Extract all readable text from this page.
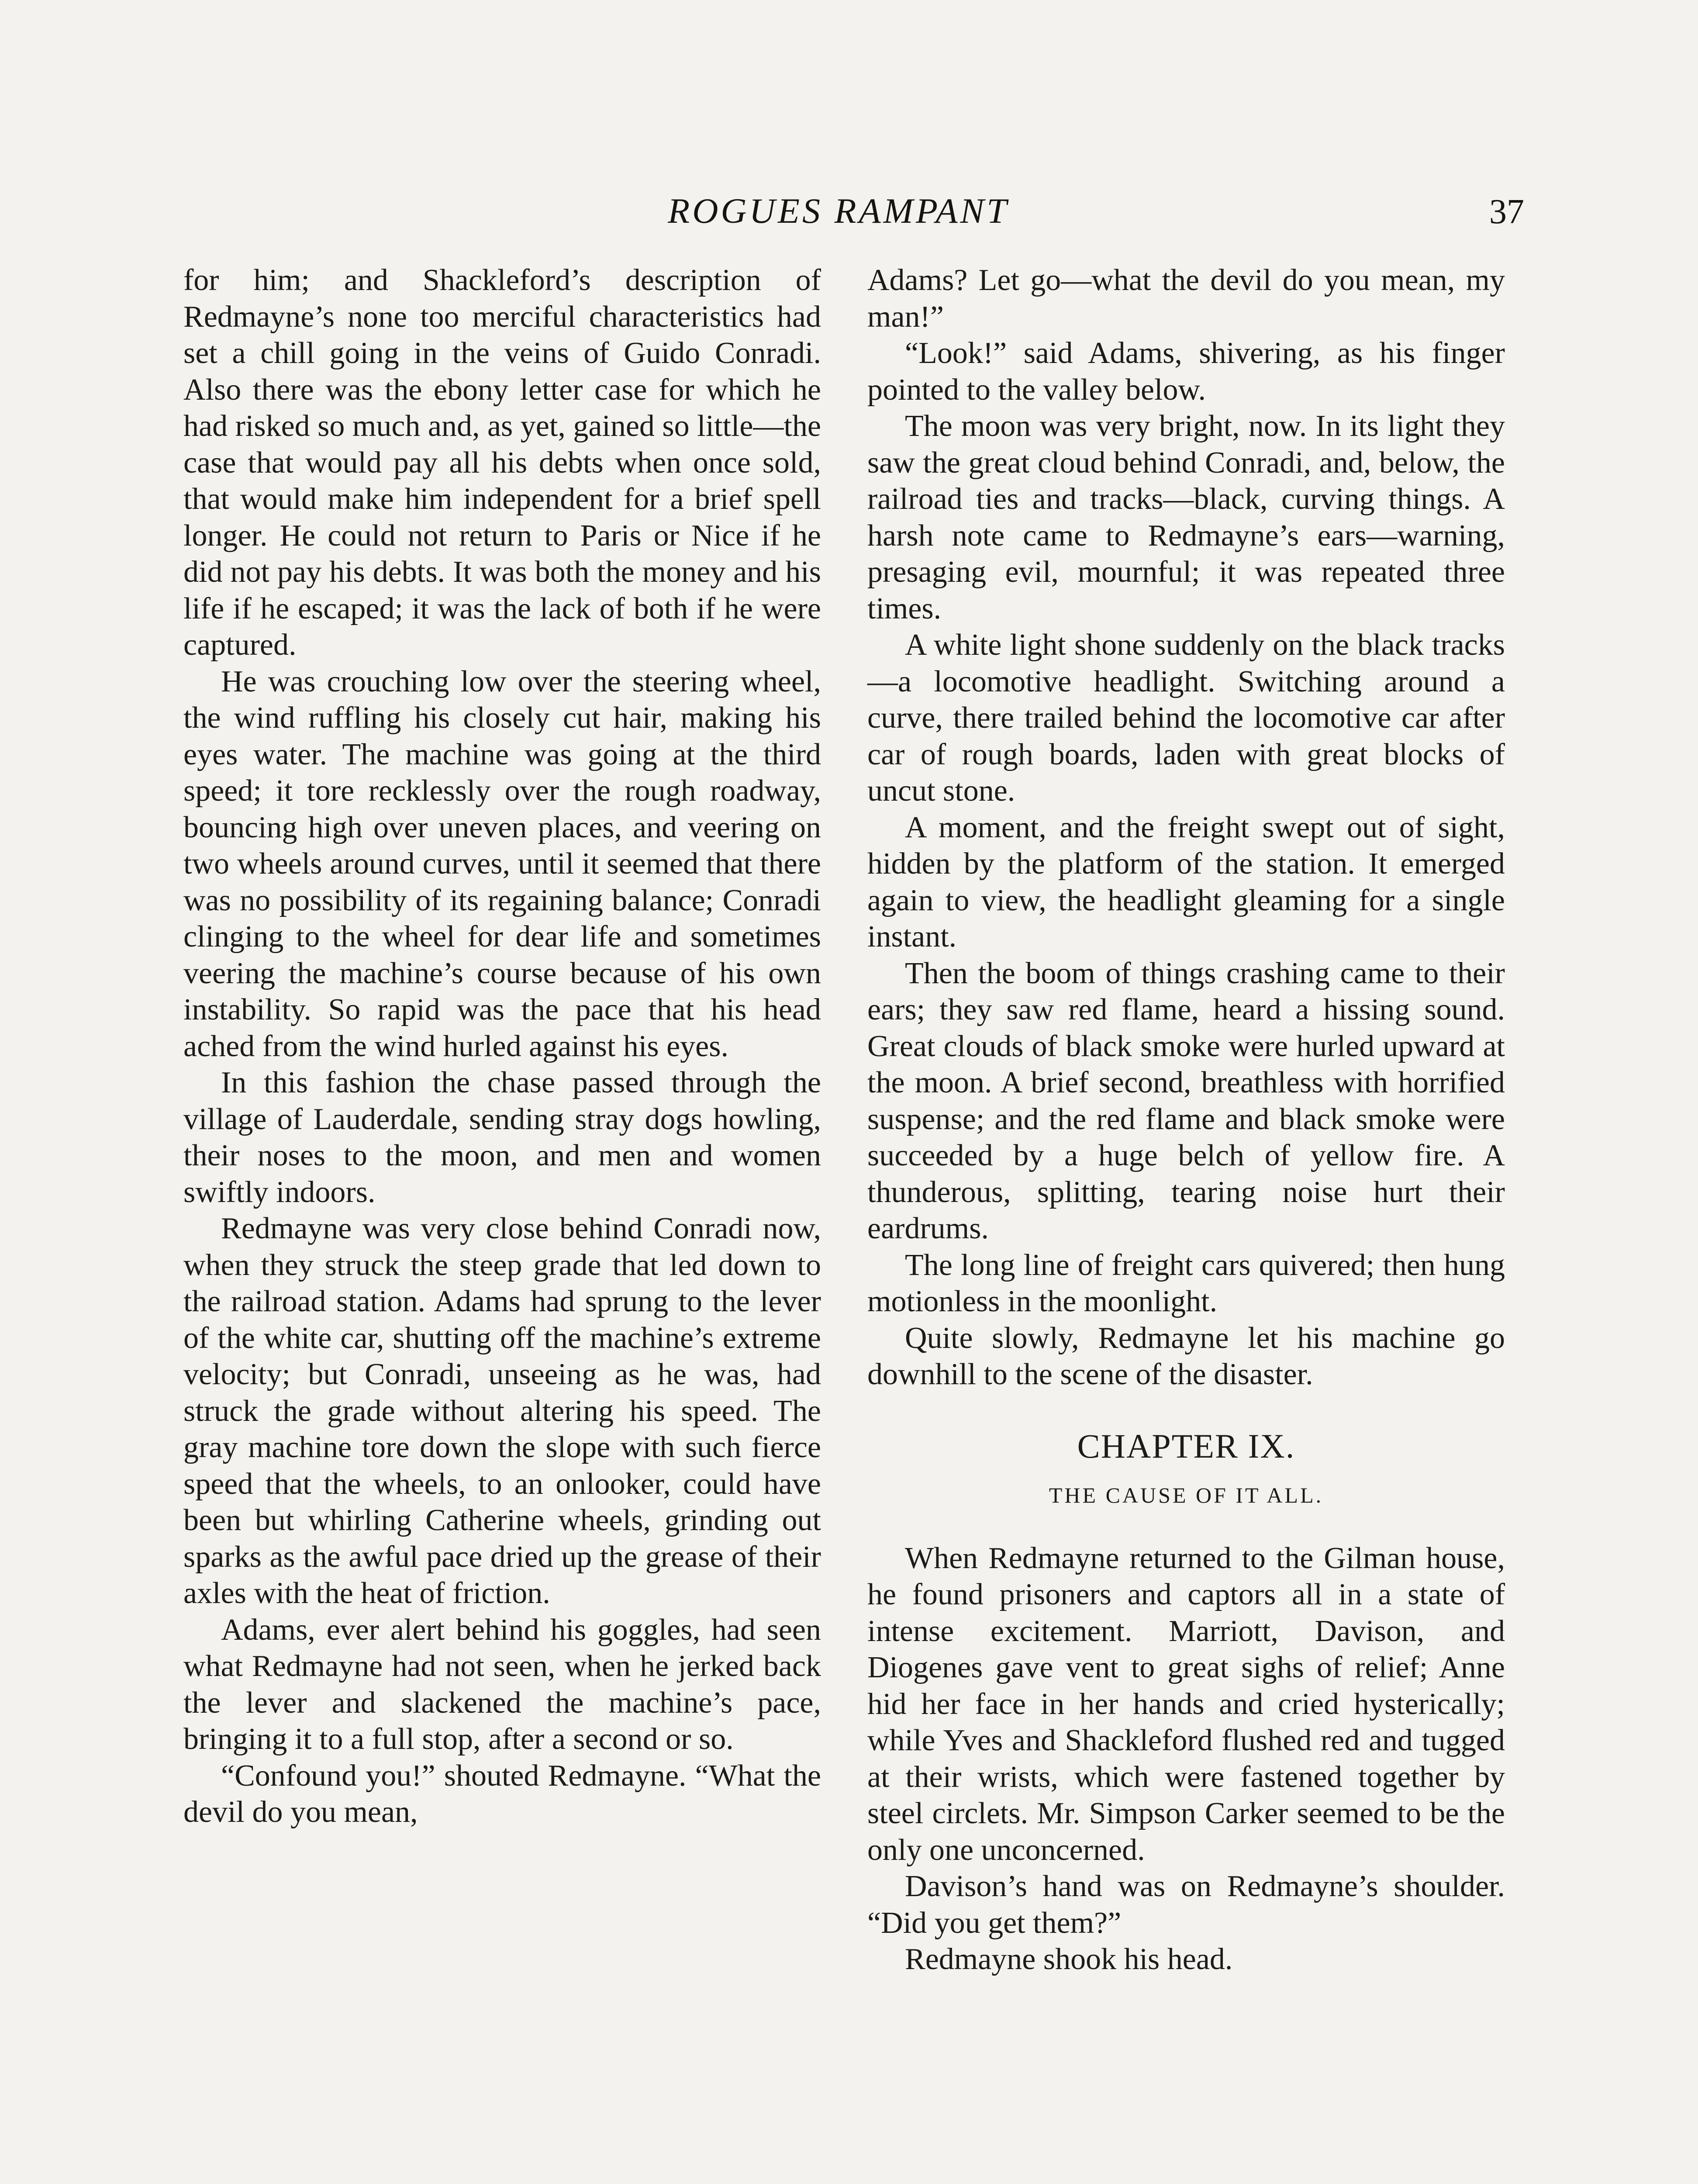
ROGUES RAMPANT	37

for him; and Shackleford’s description of Redmayne’s none too merciful characteristics had set a chill going in the veins of Guido Conradi. Also there was the ebony letter case for which he had risked so much and, as yet, gained so little—the case that would pay all his debts when once sold, that would make him independent for a brief spell longer. He could not return to Paris or Nice if he did not pay his debts. It was both the money and his life if he escaped; it was the lack of both if he were captured.

He was crouching low over the steering wheel, the wind ruffling his closely cut hair, making his eyes water. The machine was going at the third speed; it tore recklessly over the rough roadway, bouncing high over uneven places, and veering on two wheels around curves, until it seemed that there was no possibility of its regaining balance; Conradi clinging to the wheel for dear life and sometimes veering the machine’s course because of his own instability. So rapid was the pace that his head ached from the wind hurled against his eyes.

In this fashion the chase passed through the village of Lauderdale, sending stray dogs howling, their noses to the moon, and men and women swiftly indoors.

Redmayne was very close behind Conradi now, when they struck the steep grade that led down to the railroad station. Adams had sprung to the lever of the white car, shutting off the machine’s extreme velocity; but Conradi, unseeing as he was, had struck the grade without altering his speed. The gray machine tore down the slope with such fierce speed that the wheels, to an onlooker, could have been but whirling Catherine wheels, grinding out sparks as the awful pace dried up the grease of their axles with the heat of friction.

Adams, ever alert behind his goggles, had seen what Redmayne had not seen, when he jerked back the lever and slackened the machine’s pace, bringing it to a full stop, after a second or so.

“Confound you!” shouted Redmayne. “What the devil do you mean,

Adams? Let go—what the devil do you mean, my man!”

“Look!” said Adams, shivering, as his finger pointed to the valley below.

The moon was very bright, now. In its light they saw the great cloud behind Conradi, and, below, the railroad ties and tracks—black, curving things. A harsh note came to Redmayne’s ears—warning, presaging evil, mournful; it was repeated three times.

A white light shone suddenly on the black tracks—a locomotive headlight. Switching around a curve, there trailed behind the locomotive car after car of rough boards, laden with great blocks of uncut stone.

A moment, and the freight swept out of sight, hidden by the platform of the station. It emerged again to view, the headlight gleaming for a single instant.

Then the boom of things crashing came to their ears; they saw red flame, heard a hissing sound. Great clouds of black smoke were hurled upward at the moon. A brief second, breathless with horrified suspense; and the red flame and black smoke were succeeded by a huge belch of yellow fire. A thunderous, splitting, tearing noise hurt their eardrums.

The long line of freight cars quivered; then hung motionless in the moonlight.

Quite slowly, Redmayne let his machine go downhill to the scene of the disaster.

CHAPTER IX.
THE CAUSE OF IT ALL.

When Redmayne returned to the Gilman house, he found prisoners and captors all in a state of intense excitement. Marriott, Davison, and Diogenes gave vent to great sighs of relief; Anne hid her face in her hands and cried hysterically; while Yves and Shackleford flushed red and tugged at their wrists, which were fastened together by steel circlets. Mr. Simpson Carker seemed to be the only one unconcerned.

Davison’s hand was on Redmayne’s shoulder. “Did you get them?”

Redmayne shook his head.
